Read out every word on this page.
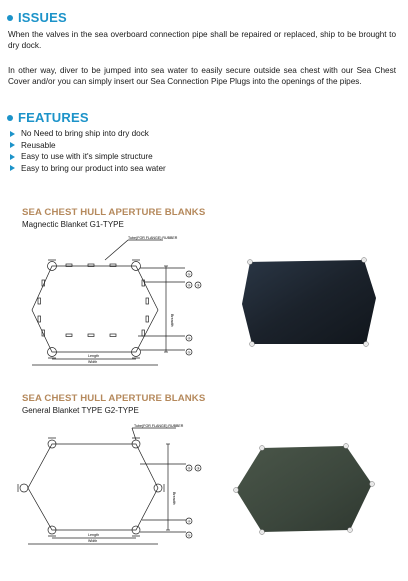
ISSUES
When the valves in the sea overboard connection pipe shall be repaired or replaced, ship to be brought to dry dock.
In other way, diver to be jumped into sea water to easily secure outside sea chest with our Sea Chest Cover and/or you can simply insert our Sea Connection Pipe Plugs into the openings of the pipes.
FEATURES
No Need to bring ship into dry dock
Reusable
Easy to use with it's simple structure
Easy to bring our product into sea water
SEA CHEST HULL APERTURE BLANKS
Magnectic Blanket G1-TYPE
Tube(FOR FLANGE) RUBBER
Length
Width
Breadth
⑤
② ③
④
①
SEA CHEST HULL APERTURE BLANKS
General Blanket TYPE G2-TYPE
Tube(FOR FLANGE) RUBBER
Length
Width
Breadth
② ③
④
⑤
